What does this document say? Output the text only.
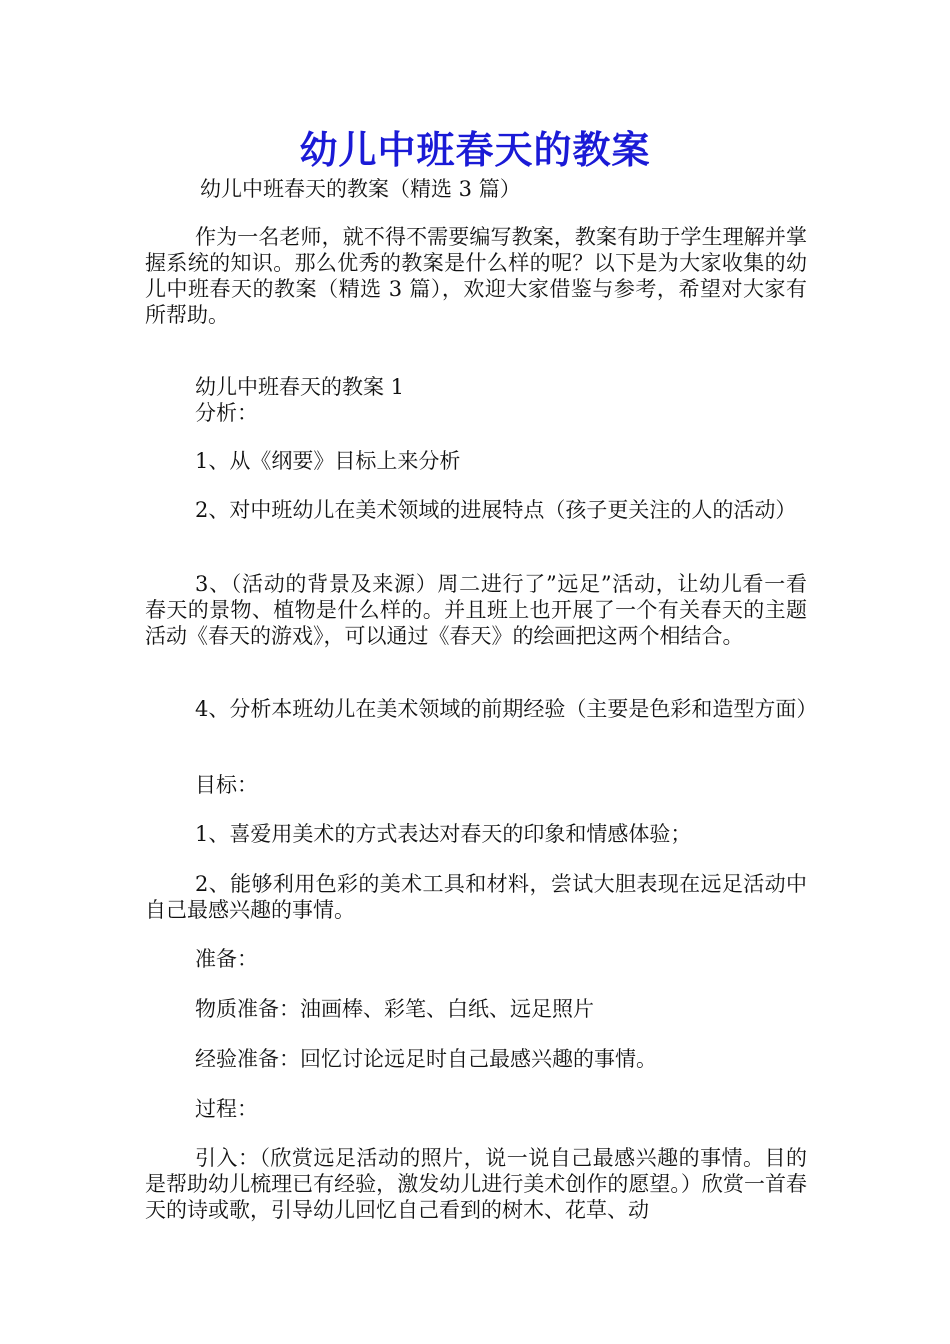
幼儿中班春天的教案
幼儿中班春天的教案（精选 3 篇）
作为一名老师，就不得不需要编写教案，教案有助于学生理解并掌握系统的知识。那么优秀的教案是什么样的呢？以下是为大家收集的幼儿中班春天的教案（精选 3 篇），欢迎大家借鉴与参考，希望对大家有所帮助。
幼儿中班春天的教案 1
分析：
1、从《纲要》目标上来分析
2、对中班幼儿在美术领域的进展特点（孩子更关注的人的活动）
3、（活动的背景及来源）周二进行了”远足”活动，让幼儿看一看春天的景物、植物是什么样的。并且班上也开展了一个有关春天的主题活动《春天的游戏》，可以通过《春天》的绘画把这两个相结合。
4、分析本班幼儿在美术领域的前期经验（主要是色彩和造型方面）
目标：
1、喜爱用美术的方式表达对春天的印象和情感体验；
2、能够利用色彩的美术工具和材料，尝试大胆表现在远足活动中自己最感兴趣的事情。
准备：
物质准备：油画棒、彩笔、白纸、远足照片
经验准备：回忆讨论远足时自己最感兴趣的事情。
过程：
引入：（欣赏远足活动的照片，说一说自己最感兴趣的事情。目的是帮助幼儿梳理已有经验，激发幼儿进行美术创作的愿望。）欣赏一首春天的诗或歌，引导幼儿回忆自己看到的树木、花草、动
